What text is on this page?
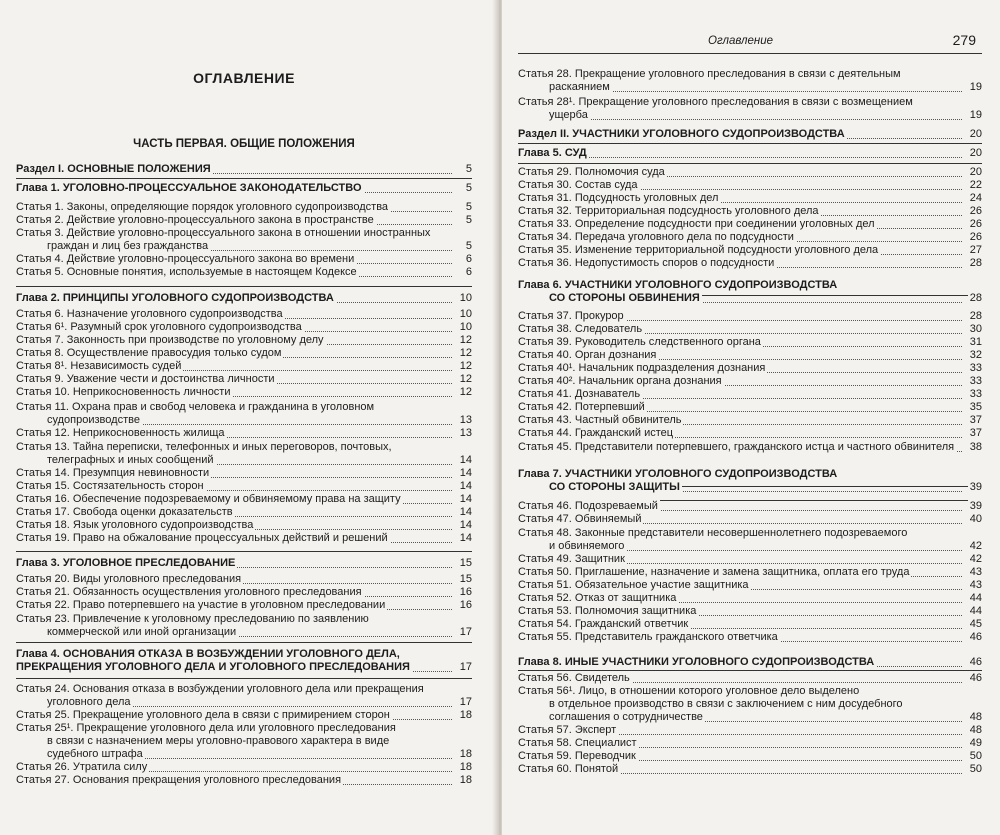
ОГЛАВЛЕНИЕ
ЧАСТЬ ПЕРВАЯ. ОБЩИЕ ПОЛОЖЕНИЯ
Раздел I. ОСНОВНЫЕ ПОЛОЖЕНИЯ	5
Глава 1. УГОЛОВНО-ПРОЦЕССУАЛЬНОЕ ЗАКОНОДАТЕЛЬСТВО	5
Статья 1. Законы, определяющие порядок уголовного судопроизводства	5
Статья 2. Действие уголовно-процессуального закона в пространстве	5
Статья 3. Действие уголовно-процессуального закона в отношении иностранных
граждан и лиц без гражданства	5
Статья 4. Действие уголовно-процессуального закона во времени	6
Статья 5. Основные понятия, используемые в настоящем Кодексе	6
Глава 2. ПРИНЦИПЫ УГОЛОВНОГО СУДОПРОИЗВОДСТВА	10
Статья 6. Назначение уголовного судопроизводства	10
Статья 6¹. Разумный срок уголовного судопроизводства	10
Статья 7. Законность при производстве по уголовному делу	12
Статья 8. Осуществление правосудия только судом	12
Статья 8¹. Независимость судей	12
Статья 9. Уважение чести и достоинства личности	12
Статья 10. Неприкосновенность личности	12
Статья 11. Охрана прав и свобод человека и гражданина в уголовном
судопроизводстве	13
Статья 12. Неприкосновенность жилища	13
Статья 13. Тайна переписки, телефонных и иных переговоров, почтовых,
телеграфных и иных сообщений	14
Статья 14. Презумпция невиновности	14
Статья 15. Состязательность сторон	14
Статья 16. Обеспечение подозреваемому и обвиняемому права на защиту	14
Статья 17. Свобода оценки доказательств	14
Статья 18. Язык уголовного судопроизводства	14
Статья 19. Право на обжалование процессуальных действий и решений	14
Глава 3. УГОЛОВНОЕ ПРЕСЛЕДОВАНИЕ	15
Статья 20. Виды уголовного преследования	15
Статья 21. Обязанность осуществления уголовного преследования	16
Статья 22. Право потерпевшего на участие в уголовном преследовании	16
Статья 23. Привлечение к уголовному преследованию по заявлению
коммерческой или иной организации	17
Глава 4. ОСНОВАНИЯ ОТКАЗА В ВОЗБУЖДЕНИИ УГОЛОВНОГО ДЕЛА,
ПРЕКРАЩЕНИЯ УГОЛОВНОГО ДЕЛА И УГОЛОВНОГО ПРЕСЛЕДОВАНИЯ	17
Статья 24. Основания отказа в возбуждении уголовного дела или прекращения
уголовного дела	17
Статья 25. Прекращение уголовного дела в связи с примирением сторон	18
Статья 25¹. Прекращение уголовного дела или уголовного преследования
в связи с назначением меры уголовно-правового характера в виде
судебного штрафа	18
Статья 26. Утратила силу	18
Статья 27. Основания прекращения уголовного преследования	18
Оглавление	279
Статья 28. Прекращение уголовного преследования в связи с деятельным
раскаянием	19
Статья 28¹. Прекращение уголовного преследования в связи с возмещением
ущерба	19
Раздел II. УЧАСТНИКИ УГОЛОВНОГО СУДОПРОИЗВОДСТВА	20
Глава 5. СУД	20
Статья 29. Полномочия суда	20
Статья 30. Состав суда	22
Статья 31. Подсудность уголовных дел	24
Статья 32. Территориальная подсудность уголовного дела	26
Статья 33. Определение подсудности при соединении уголовных дел	26
Статья 34. Передача уголовного дела по подсудности	26
Статья 35. Изменение территориальной подсудности уголовного дела	27
Статья 36. Недопустимость споров о подсудности	28
Глава 6. УЧАСТНИКИ УГОЛОВНОГО СУДОПРОИЗВОДСТВА
СО СТОРОНЫ ОБВИНЕНИЯ	28
Статья 37. Прокурор	28
Статья 38. Следователь	30
Статья 39. Руководитель следственного органа	31
Статья 40. Орган дознания	32
Статья 40¹. Начальник подразделения дознания	33
Статья 40². Начальник органа дознания	33
Статья 41. Дознаватель	33
Статья 42. Потерпевший	35
Статья 43. Частный обвинитель	37
Статья 44. Гражданский истец	37
Статья 45. Представители потерпевшего, гражданского истца и частного обвинителя 38
Глава 7. УЧАСТНИКИ УГОЛОВНОГО СУДОПРОИЗВОДСТВА
СО СТОРОНЫ ЗАЩИТЫ	39
Статья 46. Подозреваемый	39
Статья 47. Обвиняемый	40
Статья 48. Законные представители несовершеннолетнего подозреваемого
и обвиняемого	42
Статья 49. Защитник	42
Статья 50. Приглашение, назначение и замена защитника, оплата его труда	43
Статья 51. Обязательное участие защитника	43
Статья 52. Отказ от защитника	44
Статья 53. Полномочия защитника	44
Статья 54. Гражданский ответчик	45
Статья 55. Представитель гражданского ответчика	46
Глава 8. ИНЫЕ УЧАСТНИКИ УГОЛОВНОГО СУДОПРОИЗВОДСТВА	46
Статья 56. Свидетель	46
Статья 56¹. Лицо, в отношении которого уголовное дело выделено
в отдельное производство в связи с заключением с ним досудебного
соглашения о сотрудничестве	48
Статья 57. Эксперт	48
Статья 58. Специалист	49
Статья 59. Переводчик	50
Статья 60. Понятой	50
